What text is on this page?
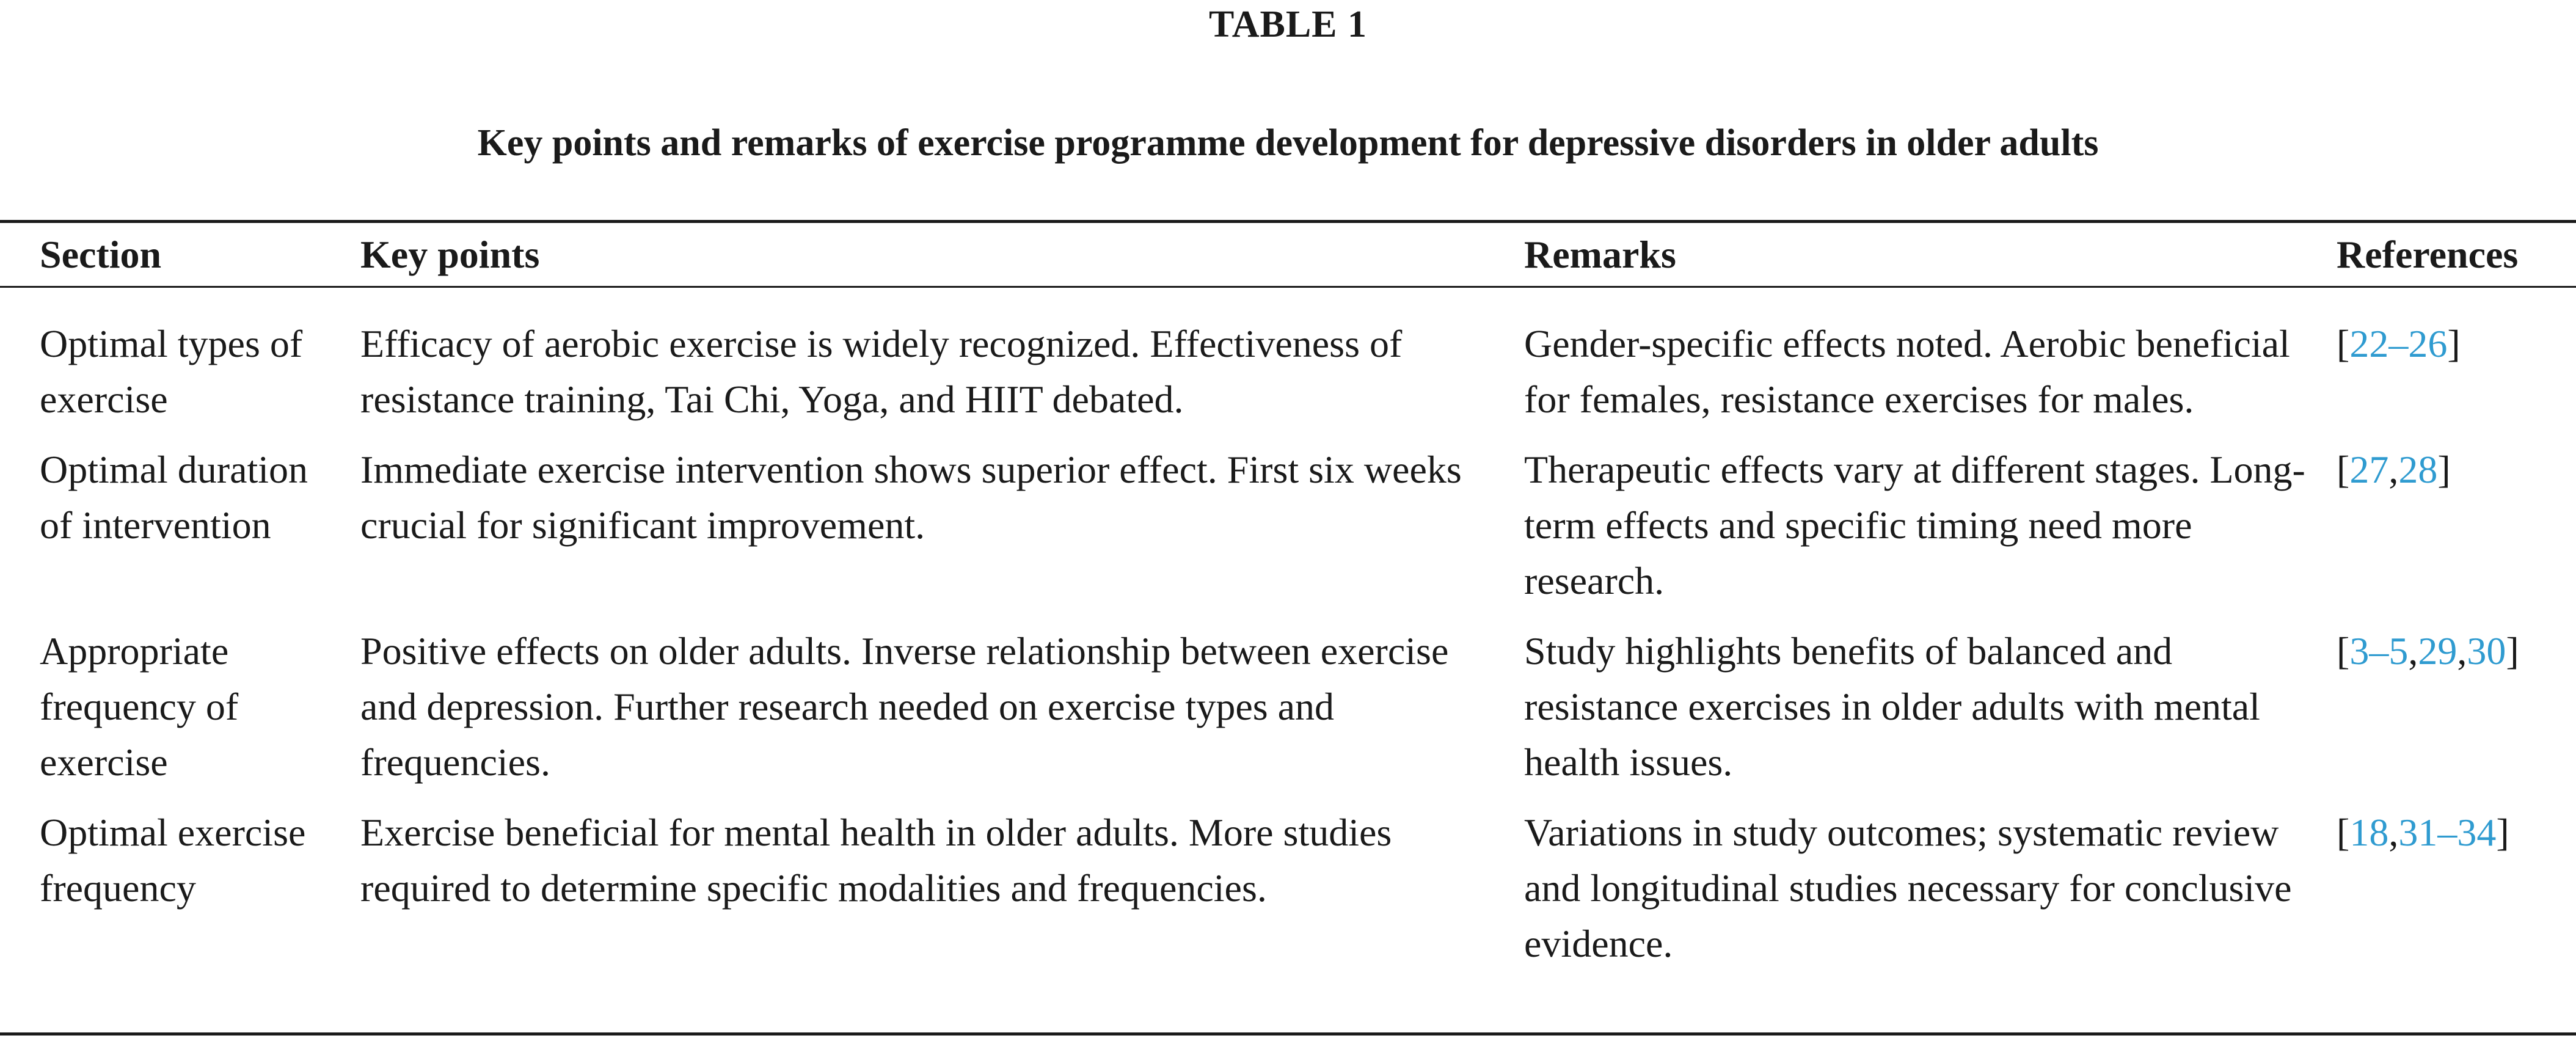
TABLE 1
Key points and remarks of exercise programme development for depressive disorders in older adults
Section	Key points	Remarks	References

Optimal types of exercise	Efficacy of aerobic exercise is widely recognized. Effectiveness of resistance training, Tai Chi, Yoga, and HIIT debated.	Gender-specific effects noted. Aerobic beneficial for females, resistance exercises for males.	[22–26]

Optimal duration of intervention	Immediate exercise intervention shows superior effect. First six weeks crucial for significant improvement.	Therapeutic effects vary at different stages. Long-term effects and specific timing need more research.	[27,28]

Appropriate frequency of exercise	Positive effects on older adults. Inverse relationship between exercise and depression. Further research needed on exercise types and frequencies.	Study highlights benefits of balanced and resistance exercises in older adults with mental health issues.	[3–5,29,30]

Optimal exercise frequency	Exercise beneficial for mental health in older adults. More studies required to determine specific modalities and frequencies.	Variations in study outcomes; systematic review and longitudinal studies necessary for conclusive evidence.	[18,31–34]
